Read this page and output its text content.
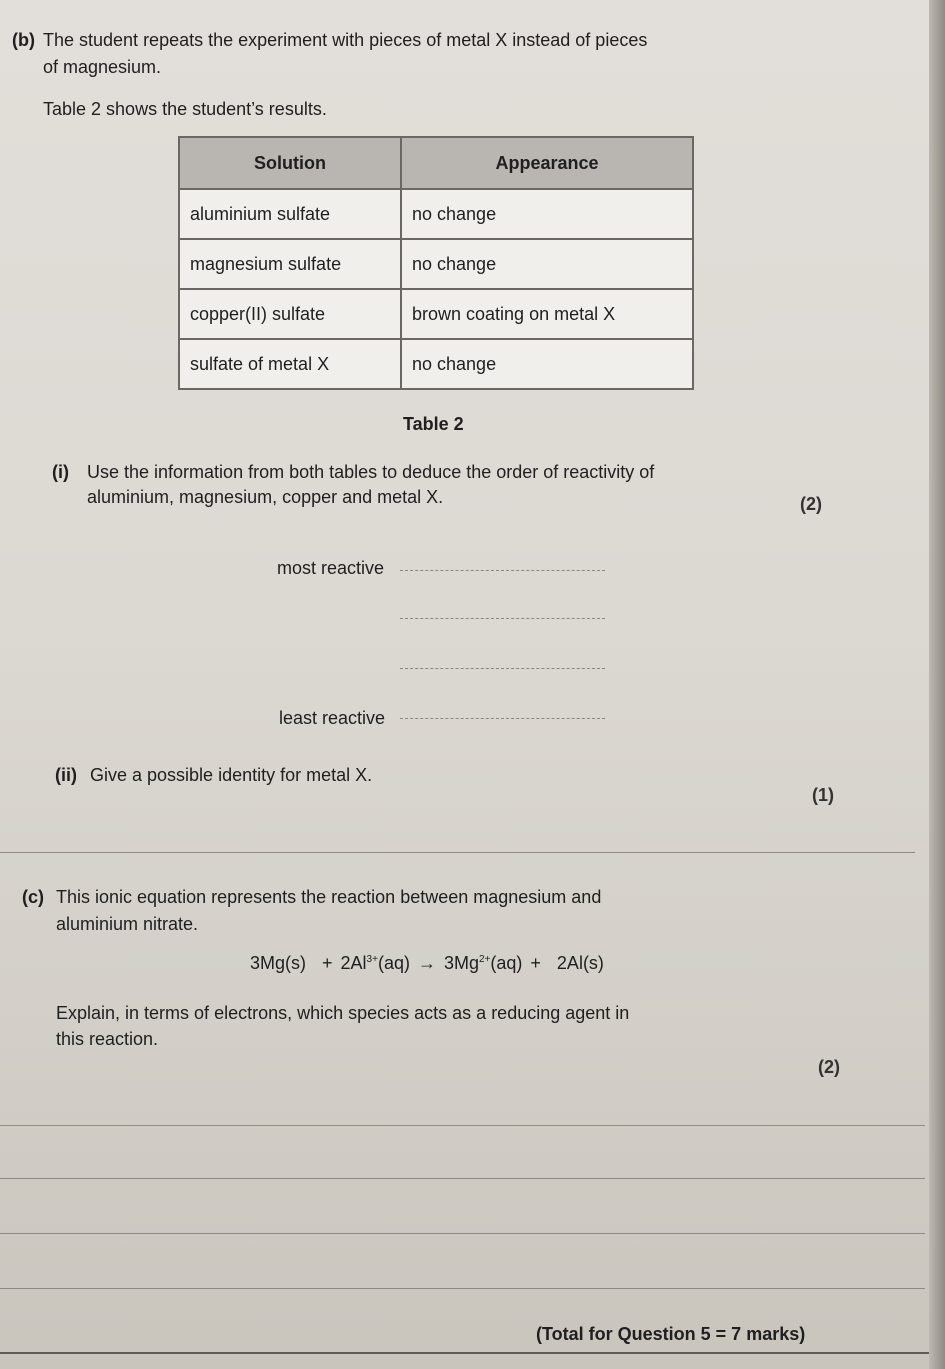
(b) The student repeats the experiment with pieces of metal X instead of pieces
of magnesium.
Table 2 shows the student’s results.
Solution	Appearance
aluminium sulfate	no change
magnesium sulfate	no change
copper(II) sulfate	brown coating on metal X
sulfate of metal X	no change
Table 2
(i) Use the information from both tables to deduce the order of reactivity of
aluminium, magnesium, copper and metal X.	(2)
most reactive
least reactive
(ii) Give a possible identity for metal X.
(1)
(c) This ionic equation represents the reaction between magnesium and
aluminium nitrate.
$3Mg(s) + 2Al^{3+}(aq) \to 3Mg^{2+}(aq) + 2Al(s)$
Explain, in terms of electrons, which species acts as a reducing agent in
this reaction.
(2)
(Total for Question 5 = 7 marks)
